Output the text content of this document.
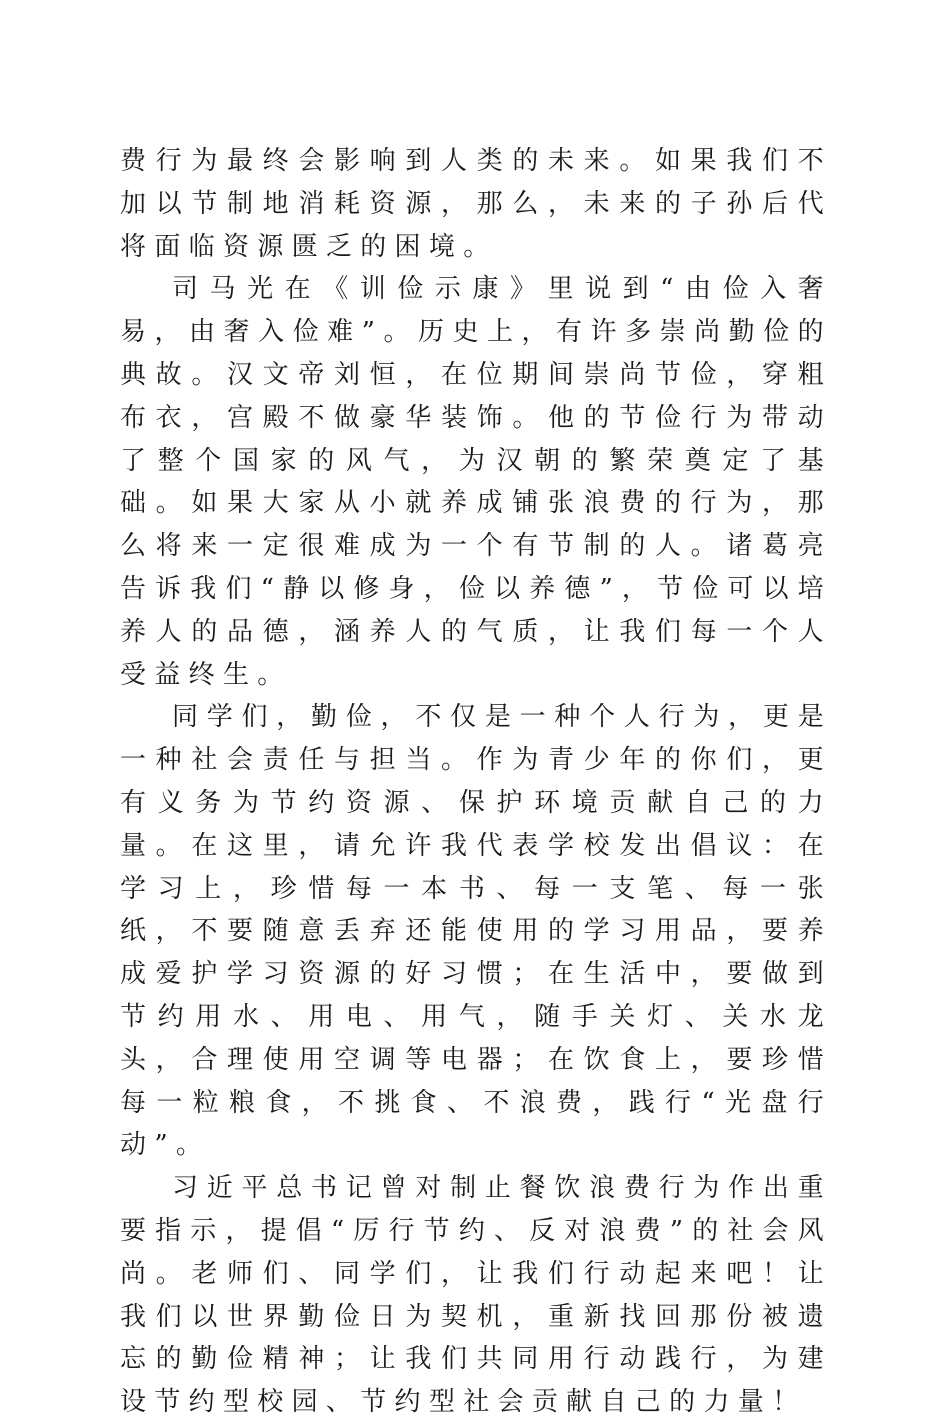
费行为最终会影响到人类的未来。如果我们不加以节制地消耗资源，那么，未来的子孙后代将面临资源匮乏的困境。

司马光在《训俭示康》里说到“由俭入奢易，由奢入俭难”。历史上，有许多崇尚勤俭的典故。汉文帝刘恒，在位期间崇尚节俭，穿粗布衣，宫殿不做豪华装饰。他的节俭行为带动了整个国家的风气，为汉朝的繁荣奠定了基础。如果大家从小就养成铺张浪费的行为，那么将来一定很难成为一个有节制的人。诸葛亮告诉我们“静以修身，俭以养德”，节俭可以培养人的品德，涵养人的气质，让我们每一个人受益终生。

同学们，勤俭，不仅是一种个人行为，更是一种社会责任与担当。作为青少年的你们，更有义务为节约资源、保护环境贡献自己的力量。在这里，请允许我代表学校发出倡议：在学习上，珍惜每一本书、每一支笔、每一张纸，不要随意丢弃还能使用的学习用品，要养成爱护学习资源的好习惯；在生活中，要做到节约用水、用电、用气，随手关灯、关水龙头，合理使用空调等电器；在饮食上，要珍惜每一粒粮食，不挑食、不浪费，践行“光盘行动”。

习近平总书记曾对制止餐饮浪费行为作出重要指示，提倡“厉行节约、反对浪费”的社会风尚。老师们、同学们，让我们行动起来吧！让我们以世界勤俭日为契机，重新找回那份被遗忘的勤俭精神；让我们共同用行动践行，为建设节约型校园、节约型社会贡献自己的力量！
